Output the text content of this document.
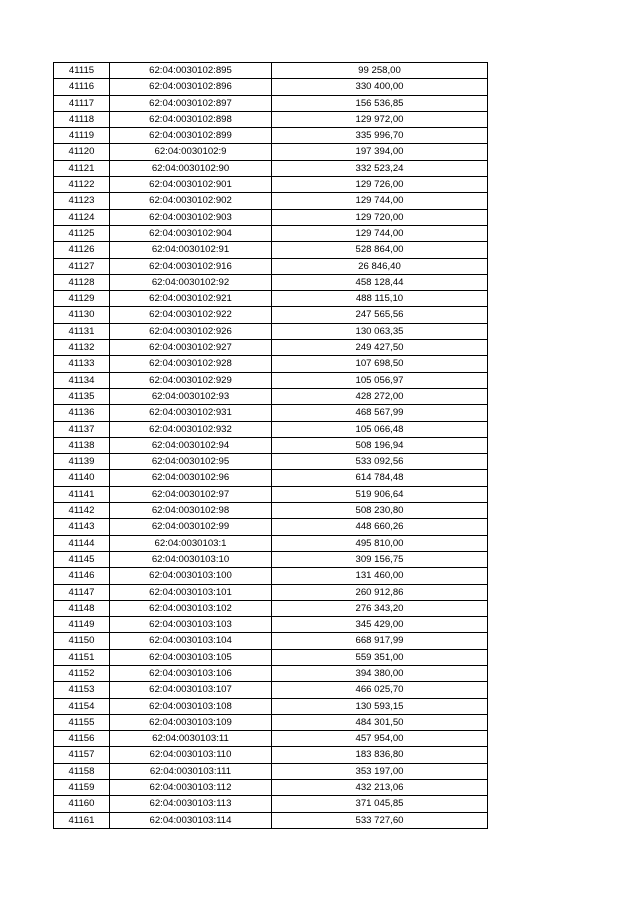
41115	62:04:0030102:895	99 258,00
41116	62:04:0030102:896	330 400,00
41117	62:04:0030102:897	156 536,85
41118	62:04:0030102:898	129 972,00
41119	62:04:0030102:899	335 996,70
41120	62:04:0030102:9	197 394,00
41121	62:04:0030102:90	332 523,24
41122	62:04:0030102:901	129 726,00
41123	62:04:0030102:902	129 744,00
41124	62:04:0030102:903	129 720,00
41125	62:04:0030102:904	129 744,00
41126	62:04:0030102:91	528 864,00
41127	62:04:0030102:916	26 846,40
41128	62:04:0030102:92	458 128,44
41129	62:04:0030102:921	488 115,10
41130	62:04:0030102:922	247 565,56
41131	62:04:0030102:926	130 063,35
41132	62:04:0030102:927	249 427,50
41133	62:04:0030102:928	107 698,50
41134	62:04:0030102:929	105 056,97
41135	62:04:0030102:93	428 272,00
41136	62:04:0030102:931	468 567,99
41137	62:04:0030102:932	105 066,48
41138	62:04:0030102:94	508 196,94
41139	62:04:0030102:95	533 092,56
41140	62:04:0030102:96	614 784,48
41141	62:04:0030102:97	519 906,64
41142	62:04:0030102:98	508 230,80
41143	62:04:0030102:99	448 660,26
41144	62:04:0030103:1	495 810,00
41145	62:04:0030103:10	309 156,75
41146	62:04:0030103:100	131 460,00
41147	62:04:0030103:101	260 912,86
41148	62:04:0030103:102	276 343,20
41149	62:04:0030103:103	345 429,00
41150	62:04:0030103:104	668 917,99
41151	62:04:0030103:105	559 351,00
41152	62:04:0030103:106	394 380,00
41153	62:04:0030103:107	466 025,70
41154	62:04:0030103:108	130 593,15
41155	62:04:0030103:109	484 301,50
41156	62:04:0030103:11	457 954,00
41157	62:04:0030103:110	183 836,80
41158	62:04:0030103:111	353 197,00
41159	62:04:0030103:112	432 213,06
41160	62:04:0030103:113	371 045,85
41161	62:04:0030103:114	533 727,60
